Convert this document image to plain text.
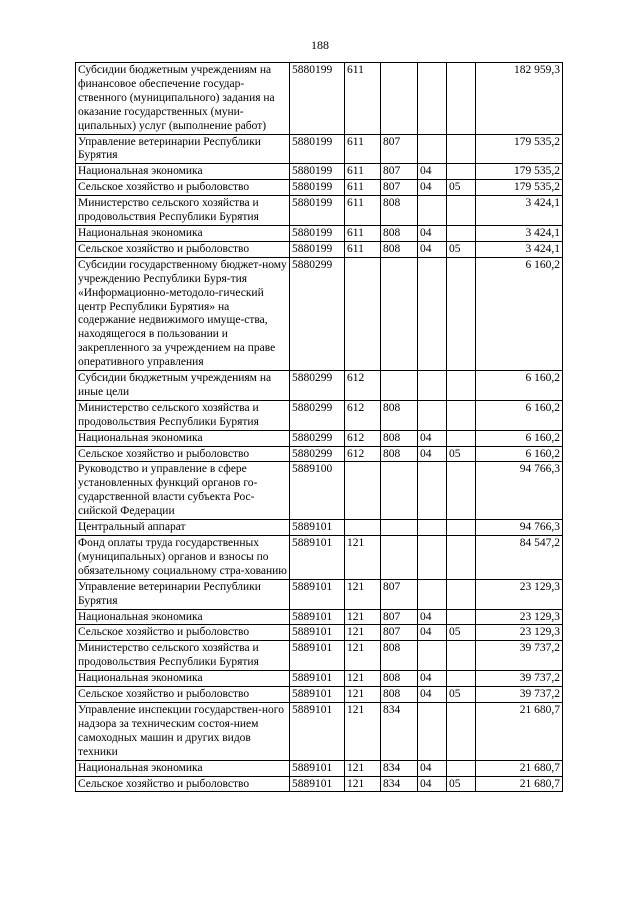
188
Субсидии бюджетным учреждениям на финансовое обеспечение государ-ственного (муниципального) задания на оказание государственных (муни-ципальных) услуг (выполнение работ)	5880199	611				182 959,3
Управление ветеринарии Республики Бурятия	5880199	611	807			179 535,2
Национальная экономика	5880199	611	807	04		179 535,2
Сельское хозяйство и рыболовство	5880199	611	807	04	05	179 535,2
Министерство сельского хозяйства и продовольствия Республики Бурятия	5880199	611	808			3 424,1
Национальная экономика	5880199	611	808	04		3 424,1
Сельское хозяйство и рыболовство	5880199	611	808	04	05	3 424,1
Субсидии государственному бюджет-ному учреждению Республики Буря-тия «Информационно-методоло-гический центр Республики Бурятия» на содержание недвижимого имуще-ства, находящегося в пользовании и закрепленного за учреждением на праве оперативного управления	5880299					6 160,2
Субсидии бюджетным учреждениям на иные цели	5880299	612				6 160,2
Министерство сельского хозяйства и продовольствия Республики Бурятия	5880299	612	808			6 160,2
Национальная экономика	5880299	612	808	04		6 160,2
Сельское хозяйство и рыболовство	5880299	612	808	04	05	6 160,2
Руководство и управление в сфере установленных функций органов го-сударственной власти субъекта Рос-сийской Федерации	5889100					94 766,3
Центральный аппарат	5889101					94 766,3
Фонд оплаты труда государственных (муниципальных) органов и взносы по обязательному социальному стра-хованию	5889101	121				84 547,2
Управление ветеринарии Республики Бурятия	5889101	121	807			23 129,3
Национальная экономика	5889101	121	807	04		23 129,3
Сельское хозяйство и рыболовство	5889101	121	807	04	05	23 129,3
Министерство сельского хозяйства и продовольствия Республики Бурятия	5889101	121	808			39 737,2
Национальная экономика	5889101	121	808	04		39 737,2
Сельское хозяйство и рыболовство	5889101	121	808	04	05	39 737,2
Управление инспекции государствен-ного надзора за техническим состоя-нием самоходных машин и других видов техники	5889101	121	834			21 680,7
Национальная экономика	5889101	121	834	04		21 680,7
Сельское хозяйство и рыболовство	5889101	121	834	04	05	21 680,7
